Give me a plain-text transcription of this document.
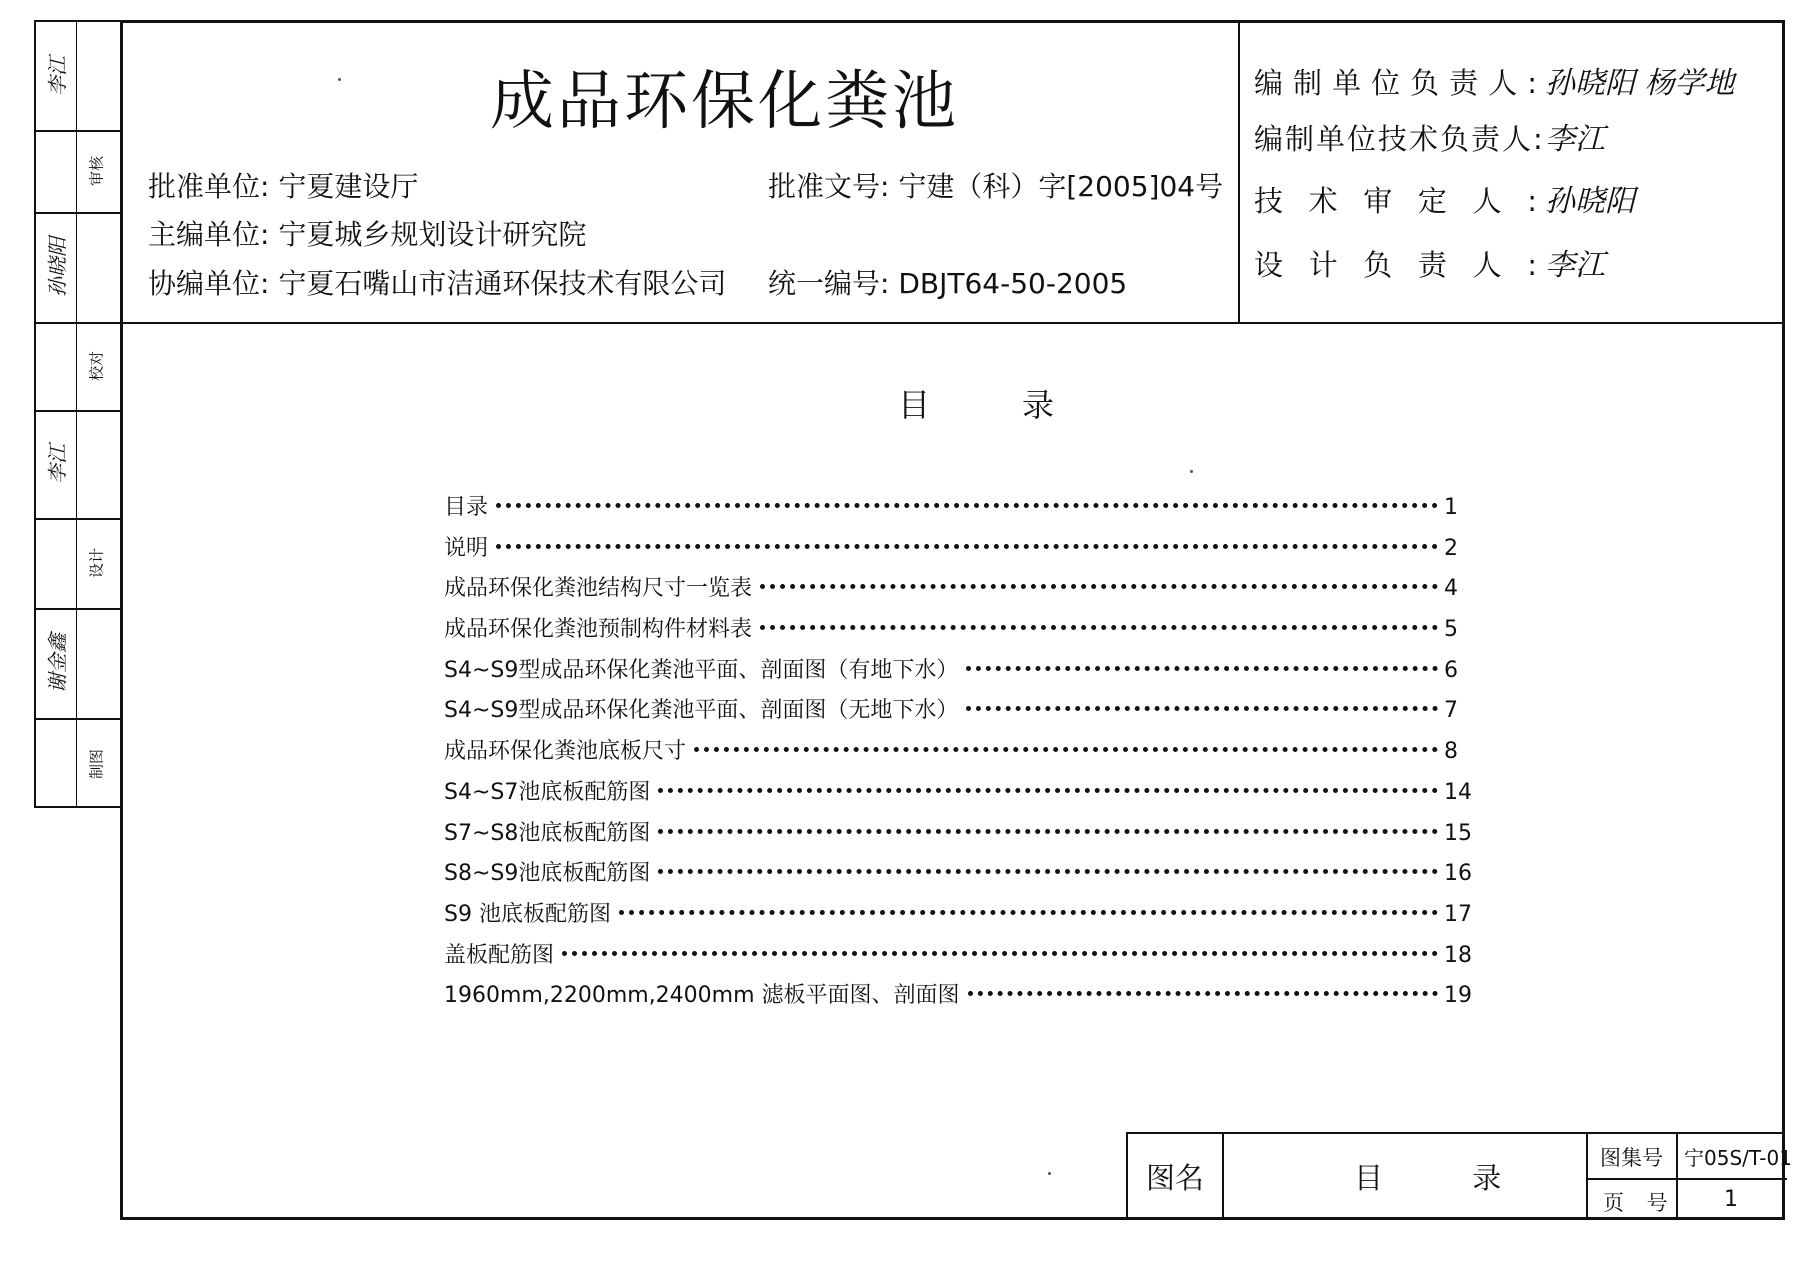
李江
审核
孙晓阳
校对
李江
设计
谢金鑫
制图
成品环保化粪池
批准单位: 宁夏建设厅
主编单位: 宁夏城乡规划设计研究院
协编单位: 宁夏石嘴山市洁通环保技术有限公司
批准文号: 宁建（科）字[2005]04号
统一编号: DBJT64-50-2005
编制单位负责人: 孙晓阳 杨学地
编制单位技术负责人:李江
技术审定人: 孙晓阳
设计负责人: 李江
目录
目录	1
说明	2
成品环保化粪池结构尺寸一览表	4
成品环保化粪池预制构件材料表	5
S4~S9型成品环保化粪池平面、剖面图（有地下水）	6
S4~S9型成品环保化粪池平面、剖面图（无地下水）	7
成品环保化粪池底板尺寸	8
S4~S7池底板配筋图	14
S7~S8池底板配筋图	15
S8~S9池底板配筋图	16
S9 池底板配筋图	17
盖板配筋图	18
1960mm,2200mm,2400mm 滤板平面图、剖面图	19
图名	目 录
图集号 宁05S/T-01
页 号 1
